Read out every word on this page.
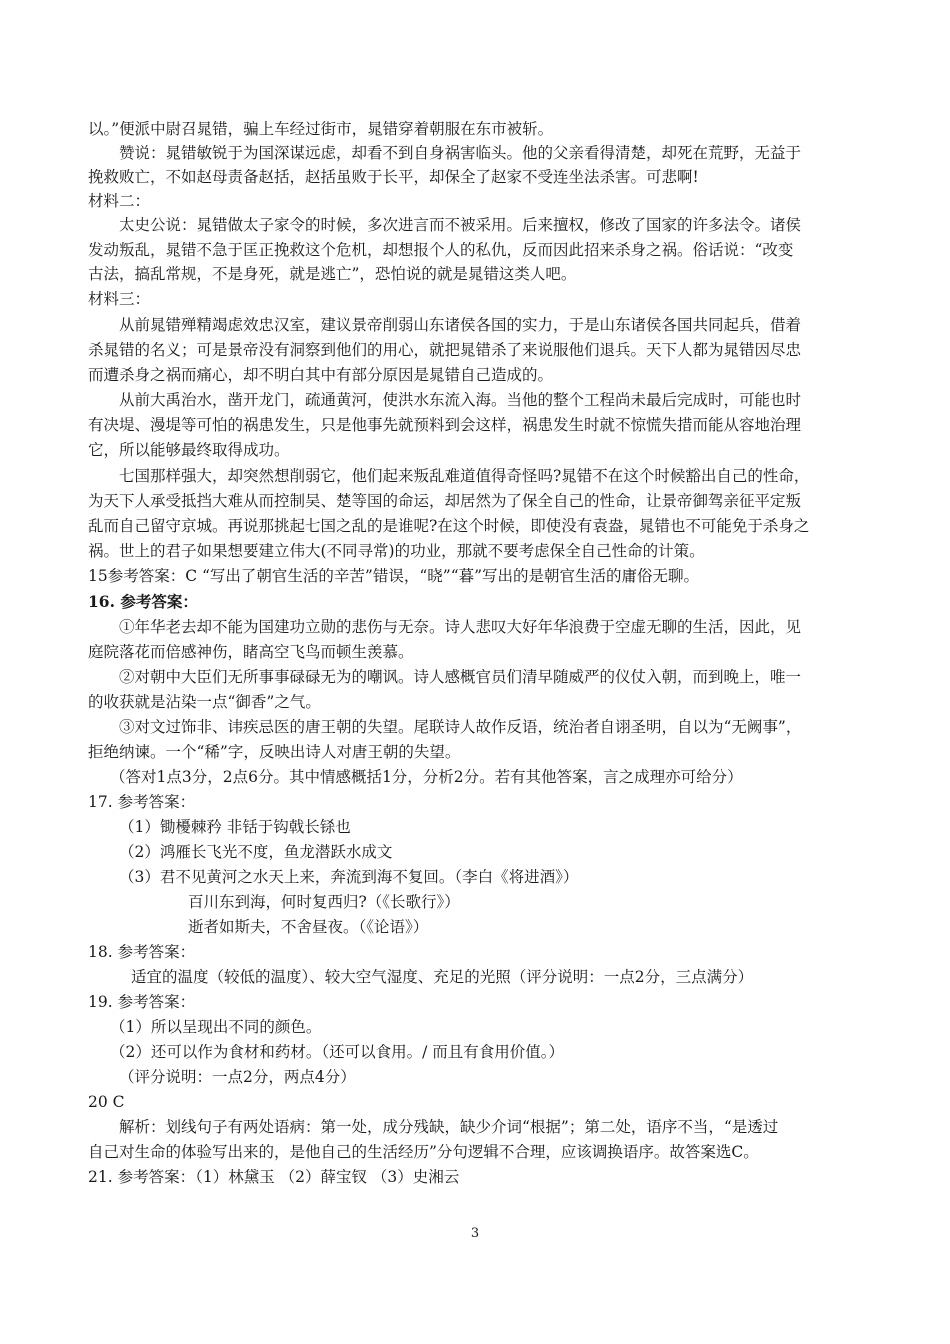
以。”便派中尉召晁错，骗上车经过街市，晁错穿着朝服在东市被斩。
赞说：晁错敏锐于为国深谋远虑，却看不到自身祸害临头。他的父亲看得清楚，却死在荒野，无益于
挽救败亡，不如赵母责备赵括，赵括虽败于长平，却保全了赵家不受连坐法杀害。可悲啊!
材料二：
太史公说：晁错做太子家令的时候，多次进言而不被采用。后来擅权，修改了国家的许多法令。诸侯
发动叛乱，晁错不急于匡正挽救这个危机，却想报个人的私仇，反而因此招来杀身之祸。俗话说：“改变
古法，搞乱常规，不是身死，就是逃亡”，恐怕说的就是晁错这类人吧。
材料三：
从前晁错殚精竭虑效忠汉室，建议景帝削弱山东诸侯各国的实力，于是山东诸侯各国共同起兵，借着
杀晁错的名义；可是景帝没有洞察到他们的用心，就把晁错杀了来说服他们退兵。天下人都为晁错因尽忠
而遭杀身之祸而痛心，却不明白其中有部分原因是晁错自己造成的。
从前大禹治水，凿开龙门，疏通黄河，使洪水东流入海。当他的整个工程尚未最后完成时，可能也时
有决堤、漫堤等可怕的祸患发生，只是他事先就预料到会这样，祸患发生时就不惊慌失措而能从容地治理
它，所以能够最终取得成功。
七国那样强大，却突然想削弱它，他们起来叛乱难道值得奇怪吗?晁错不在这个时候豁出自己的性命，
为天下人承受抵挡大难从而控制吴、楚等国的命运，却居然为了保全自己的性命，让景帝御驾亲征平定叛
乱而自己留守京城。再说那挑起七国之乱的是谁呢?在这个时候，即使没有袁盎，晁错也不可能免于杀身之
祸。世上的君子如果想要建立伟大(不同寻常)的功业，那就不要考虑保全自己性命的计策。
15参考答案：C “写出了朝官生活的辛苦”错误，“晓”“暮”写出的是朝官生活的庸俗无聊。
16. 参考答案：
①年华老去却不能为国建功立勋的悲伤与无奈。诗人悲叹大好年华浪费于空虚无聊的生活，因此，见
庭院落花而倍感神伤，睹高空飞鸟而顿生羡慕。
②对朝中大臣们无所事事碌碌无为的嘲讽。诗人感概官员们清早随威严的仪仗入朝，而到晚上，唯一
的收获就是沾染一点“御香”之气。
③对文过饰非、讳疾忌医的唐王朝的失望。尾联诗人故作反语，统治者自诩圣明，自以为“无阙事”，
拒绝纳谏。一个“稀”字，反映出诗人对唐王朝的失望。
（答对1点3分，2点6分。其中情感概括1分，分析2分。若有其他答案，言之成理亦可给分）
17. 参考答案：
（1）锄櫌棘矜 非铦于钩戟长铩也
（2）鸿雁长飞光不度，鱼龙潜跃水成文
（3）君不见黄河之水天上来，奔流到海不复回。（李白《将进酒》）
百川东到海，何时复西归?（《长歌行》）
逝者如斯夫，不舍昼夜。（《论语》）
18. 参考答案：
适宜的温度（较低的温度）、较大空气湿度、充足的光照（评分说明：一点2分，三点满分）
19. 参考答案：
（1）所以呈现出不同的颜色。
（2）还可以作为食材和药材。（还可以食用。/ 而且有食用价值。）
（评分说明：一点2分，两点4分）
20 C
解析：划线句子有两处语病：第一处，成分残缺，缺少介词“根据”；第二处，语序不当，“是透过
自己对生命的体验写出来的，是他自己的生活经历”分句逻辑不合理，应该调换语序。故答案选C。
21. 参考答案：（1）林黛玉 （2）薛宝钗 （3）史湘云
3
